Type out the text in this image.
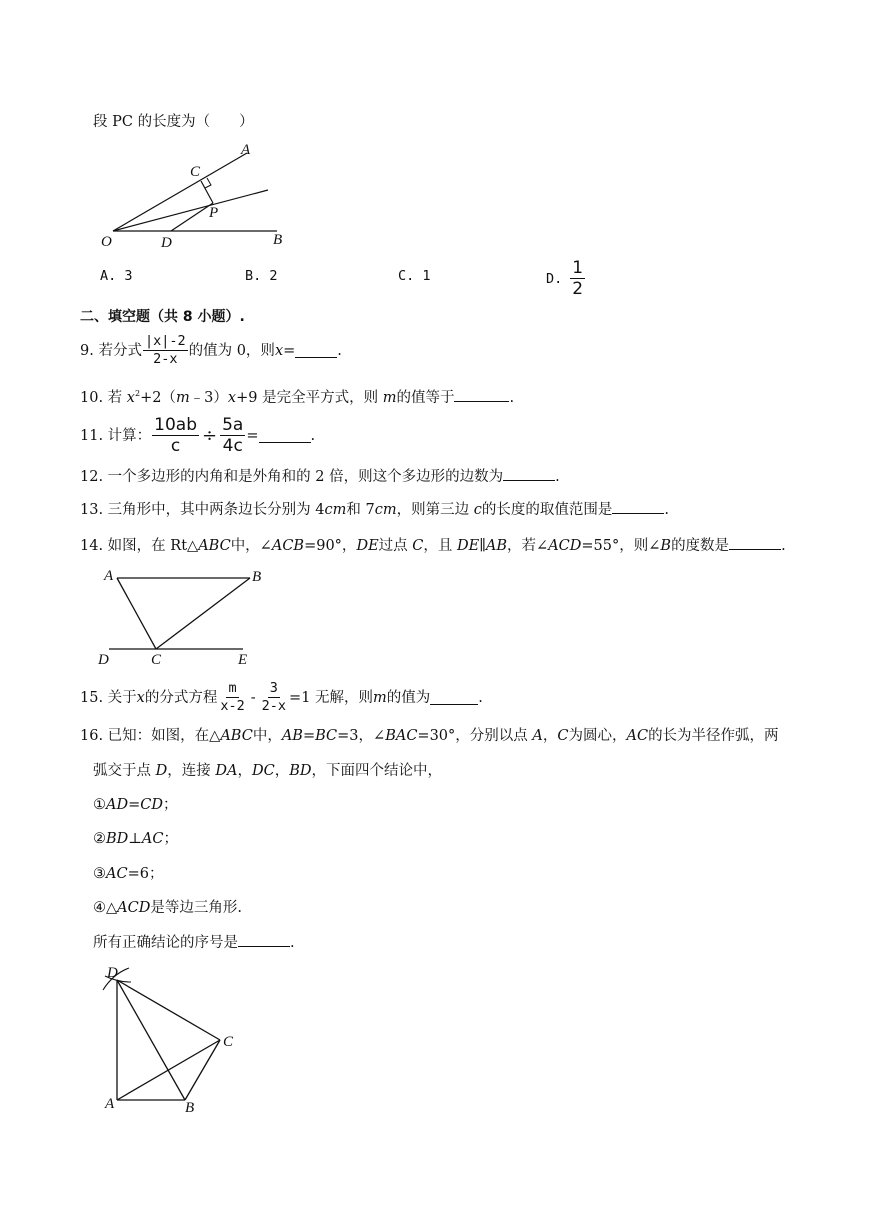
段 PC 的长度为（　　）
A
C
P
O	D	B
A. 3	B. 2	C. 1	D. $\frac{1}{2}$
二、填空题（共 8 小题）.
9. 若分式 $\frac{|x|-2}{2-x}$ 的值为 0，则 x =	.
10. 若 $x^2+2(m﹣3)x+9$ 是完全平方式，则 m的值等于	.
11. 计算： $\frac{10ab}{c} \div \frac{5a}{4c}$ =	.
12. 一个多边形的内角和是外角和的 2 倍，则这个多边形的边数为	.
13. 三角形中，其中两条边长分别为 4cm和 7cm，则第三边 c的长度的取值范围是	.
14. 如图，在 Rt△ABC中，∠ACB=90°，DE过点 C，且 DE∥AB，若∠ACD=55°，则∠B的度数是	.
A	B
D	C	E
15. 关于 x 的分式方程 $\frac{m}{x-2} - \frac{3}{2-x} =1$ 无解，则 m 的值为	.
16. 已知：如图，在△ABC中，AB=BC=3，∠BAC=30°，分别以点 A，C为圆心，AC的长为半径作弧，两
弧交于点 D，连接 DA，DC，BD，下面四个结论中，
①AD=CD；
②BD⊥AC；
③AC=6；
④△ACD是等边三角形.
所有正确结论的序号是	.
D
C
A	B
